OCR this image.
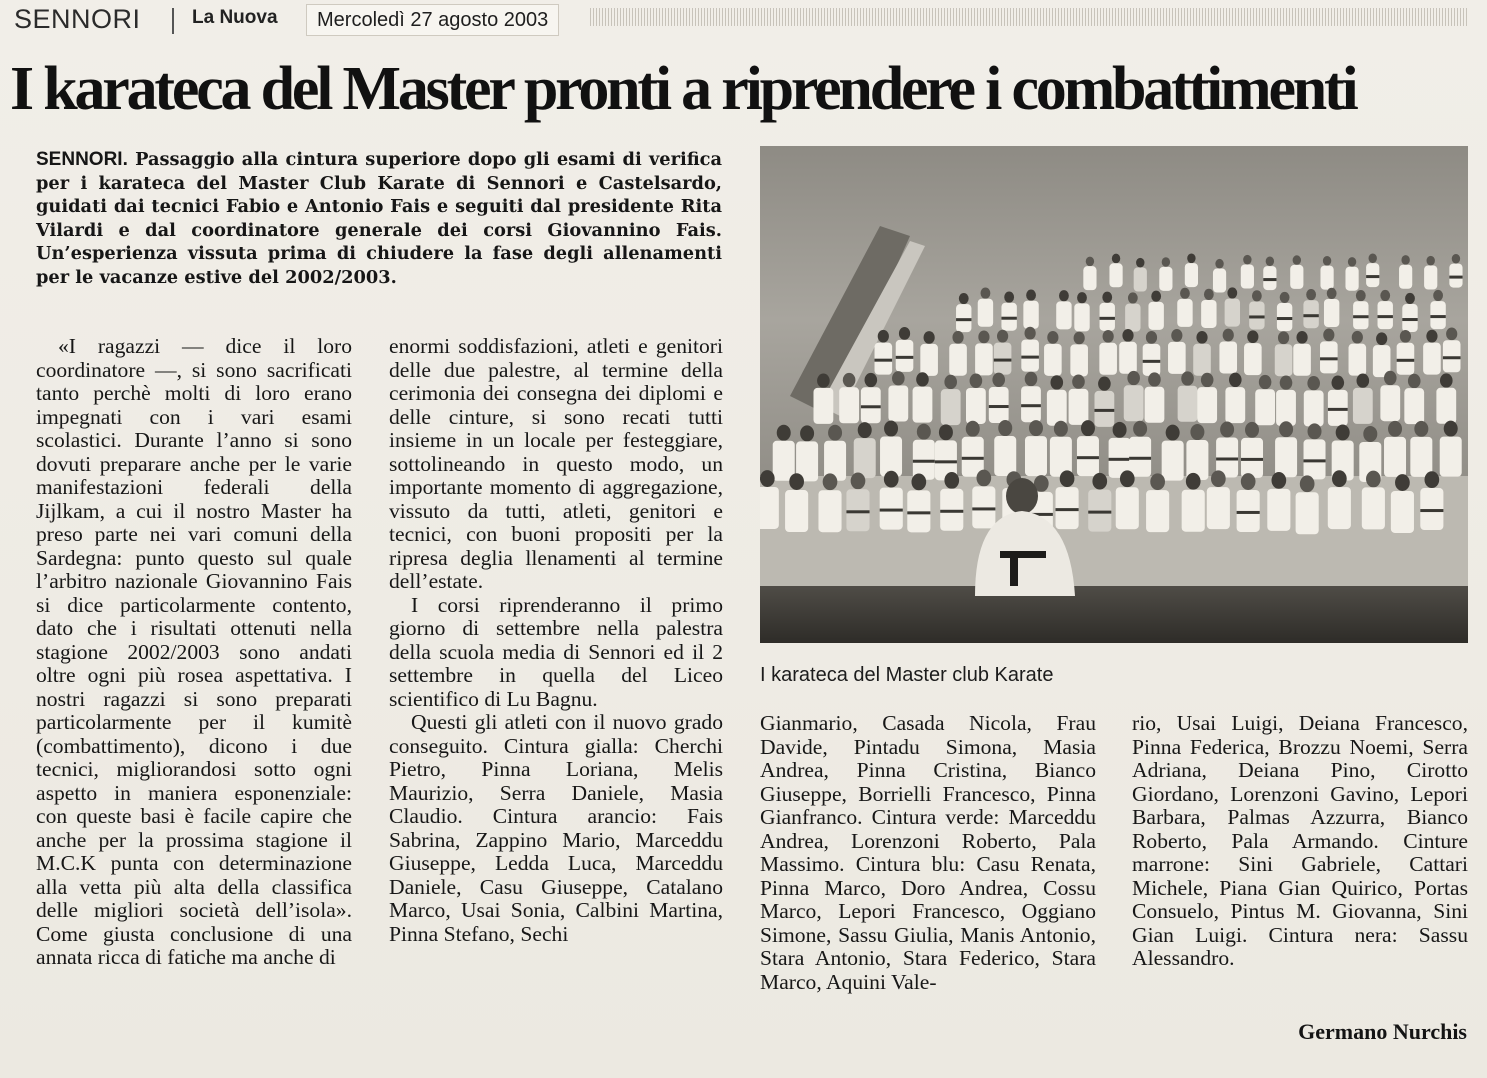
SENNORI	La Nuova	Mercoledì 27 agosto 2003
I karateca del Master pronti a riprendere i combattimenti

SENNORI. Passaggio alla cintura superiore dopo gli esami di verifica per i karateca del Master Club Karate di Sennori e Castelsardo, guidati dai tecnici Fabio e Antonio Fais e seguiti dal presidente Rita Vilardi e dal coordinatore generale dei corsi Giovannino Fais. Un’esperienza vissuta prima di chiudere la fase degli allenamenti per le vacanze estive del 2002/2003.

«I ragazzi — dice il loro coordinatore —, si sono sacrificati tanto perchè molti di loro erano impegnati con i vari esami scolastici. Durante l’anno si sono dovuti preparare anche per le varie manifestazioni federali della Jijlkam, a cui il nostro Master ha preso parte nei vari comuni della Sardegna: punto questo sul quale l’arbitro nazionale Giovannino Fais si dice particolarmente contento, dato che i risultati ottenuti nella stagione 2002/2003 sono andati oltre ogni più rosea aspettativa. I nostri ragazzi si sono preparati particolarmente per il kumitè (combattimento), dicono i due tecnici, migliorandosi sotto ogni aspetto in maniera esponenziale: con queste basi è facile capire che anche per la prossima stagione il M.C.K punta con determinazione alla vetta più alta della classifica delle migliori società dell’isola». Come giusta conclusione di una annata ricca di fatiche ma anche di

enormi soddisfazioni, atleti e genitori delle due palestre, al termine della cerimonia dei consegna dei diplomi e delle cinture, si sono recati tutti insieme in un locale per festeggiare, sottolineando in questo modo, un importante momento di aggregazione, vissuto da tutti, atleti, genitori e tecnici, con buoni propositi per la ripresa deglia llenamenti al termine dell’estate.

I corsi riprenderanno il primo giorno di settembre nella palestra della scuola media di Sennori ed il 2 settembre in quella del Liceo scientifico di Lu Bagnu.

Questi gli atleti con il nuovo grado conseguito. Cintura gialla: Cherchi Pietro, Pinna Loriana, Melis Maurizio, Serra Daniele, Masia Claudio. Cintura arancio: Fais Sabrina, Zappino Mario, Marceddu Giuseppe, Ledda Luca, Marceddu Daniele, Casu Giuseppe, Catalano Marco, Usai Sonia, Calbini Martina, Pinna Stefano, Sechi

I karateca del Master club Karate

Gianmario, Casada Nicola, Frau Davide, Pintadu Simona, Masia Andrea, Pinna Cristina, Bianco Giuseppe, Borrielli Francesco, Pinna Gianfranco. Cintura verde: Marceddu Andrea, Lorenzoni Roberto, Pala Massimo. Cintura blu: Casu Renata, Pinna Marco, Doro Andrea, Cossu Marco, Lepori Francesco, Oggiano Simone, Sassu Giulia, Manis Antonio, Stara Antonio, Stara Federico, Stara Marco, Aquini Vale-

rio, Usai Luigi, Deiana Francesco, Pinna Federica, Brozzu Noemi, Serra Adriana, Deiana Pino, Cirotto Giordano, Lorenzoni Gavino, Lepori Barbara, Palmas Azzurra, Bianco Roberto, Pala Armando. Cinture marrone: Sini Gabriele, Cattari Michele, Piana Gian Quirico, Portas Consuelo, Pintus M. Giovanna, Sini Gian Luigi. Cintura nera: Sassu Alessandro.

Germano Nurchis
